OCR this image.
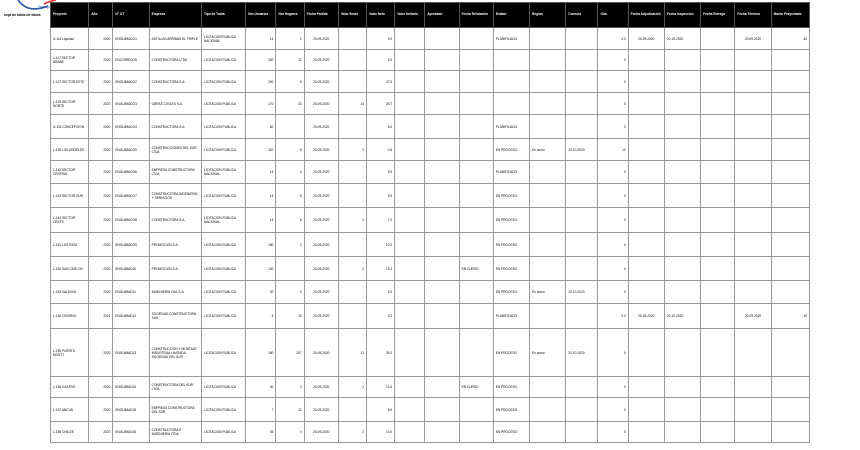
Trabajo
sept de tabla de datos	Proyecto	Año	N° OT	Empresa	Tipo de Traba	Nro Usuarios	Nro Hogares	Fecha Partida	Valor Bruto	Valor Neto	Valor Unitario	Aprobado	Fecha Refutación	Estado	Región	Comuna	Obs.	Fecha Adjudicación	Fecha Inspección	Fecha Entrega	Fecha Término	Monto Proyectado
S-114 Liquidac	2020	ENGUIMADO1	ASTILLAS ARRIBAS EL TRIPLE	LICITACION PUBLICA NACIONAL	14	2	20-09-2020		9.0				PLANIFICADO			0.3	20-09-2020	20-10-2020		20-09-2020	40
L-117 SECTOR ARABE	2020	ENCORRIDOS	CONSTRUCTORA LTDA	LICITACION PUBLICA	300	12	20-09-2020		4.0							0					
L-127 SECTOR ESTE	2020	ENGUIMADO2	CONSTRUCTORA S.A.	LICITACION PUBLICA	200	9	20-09-2020		47.0							0					
L-129 SECTOR NORTE	2020	ENGUIMADO3	OBRAS CIVILES S.A.	LICITACION PUBLICA	170	23	20-09-2020	14	26.7							0					
S-134 CONCEPCION	2020	ENGUIMADO4	CONSTRUCTORA S.A.	LICITACION PUBLICA	60		20-09-2020		5.0				PLANIFICADO			0					
L-135 LOS ANGELES	2020	ENGUIMADO5	CONSTRUCCIONES DEL SUR LTDA	LICITACION PUBLICA	320	9	20-09-2020	2	3.6				EN PROCESO	En curso	20-10-2020	12					
L-142 SECTOR CENTRAL	2020	ENGUIMADO6	EMPRESA CONSTRUCTORA LTDA	LICITACION PUBLICA NACIONAL	14	4	20-09-2020		9.0				PLANIFICADO			0					
L-143 SECTOR SUR	2020	ENGUIMADO7	CONSTRUCTORA INGENIERIA Y SERVICIOS	LICITACION PUBLICA	14	5	20-09-2020		9.0				EN PROCESO			0					
L-144 SECTOR OESTE	2020	ENGUIMADO8	CONSTRUCTORA S.A.	LICITACION PUBLICA NACIONAL	14	6	20-09-2020	2	7.0				EN PROCESO			0					
L-151 LOS RIOS	2020	ENGUIMADO9	PROMOCION S.A.	LICITACION PUBLICA	180	2	20-09-2020		10.2				EN PROCESO			0					
L-152 SAN CARLOS	2020	ENGUIMAD10	PROMOCION S.A.	LICITACION PUBLICA	130		20-09-2020	2	19.2			EN CURSO	EN PROCESO			0					
L-153 VALDIVIA	2020	ENGUIMAD11	INGENIERIA VIAL S.A.	LICITACION PUBLICA	30	3	20-09-2020		4.0				EN PROCESO	En curso	20-10-2020	0					
L-154 OSORNO	2021	ENGUIMAD12	SOCIEDAD CONSTRUCTORA SUR	LICITACION PUBLICA	4	10	20-09-2020		0.2				PLANIFICADO			0.3	20-09-2020	20-10-2020		20-09-2020	10
L-155 PUERTO MONTT	2020	ENGUIMAD13	CONSTRUCCION Y MONTAJE INDUSTRIAL LIMITADA SOCIEDAD DEL SUR	LICITACION PUBLICA	150	207	20-09-2020	11	39.2				EN PROCESO	En curso	20-10-2020	0					
L-156 CASTRO	2020	ENGUIMAD14	CONSTRUCTORA DEL SUR LTDA	LICITACION PUBLICA	40	2	20-09-2020	1	12.4			EN CURSO	EN PROCESO			0					
L-157 ANCUD	2020	ENGUIMAD15	EMPRESA CONSTRUCTORA DEL SUR	LICITACION PUBLICA	7	12	20-09-2020		8.0				EN PROCESO			0					
L-158 CHILOE	2020	ENGUIMAD16	CONSTRUCTORA E INGENIERIA LTDA	LICITACION PUBLICA	45	4	20-09-2020	2	13.0				EN PROCESO			0					
